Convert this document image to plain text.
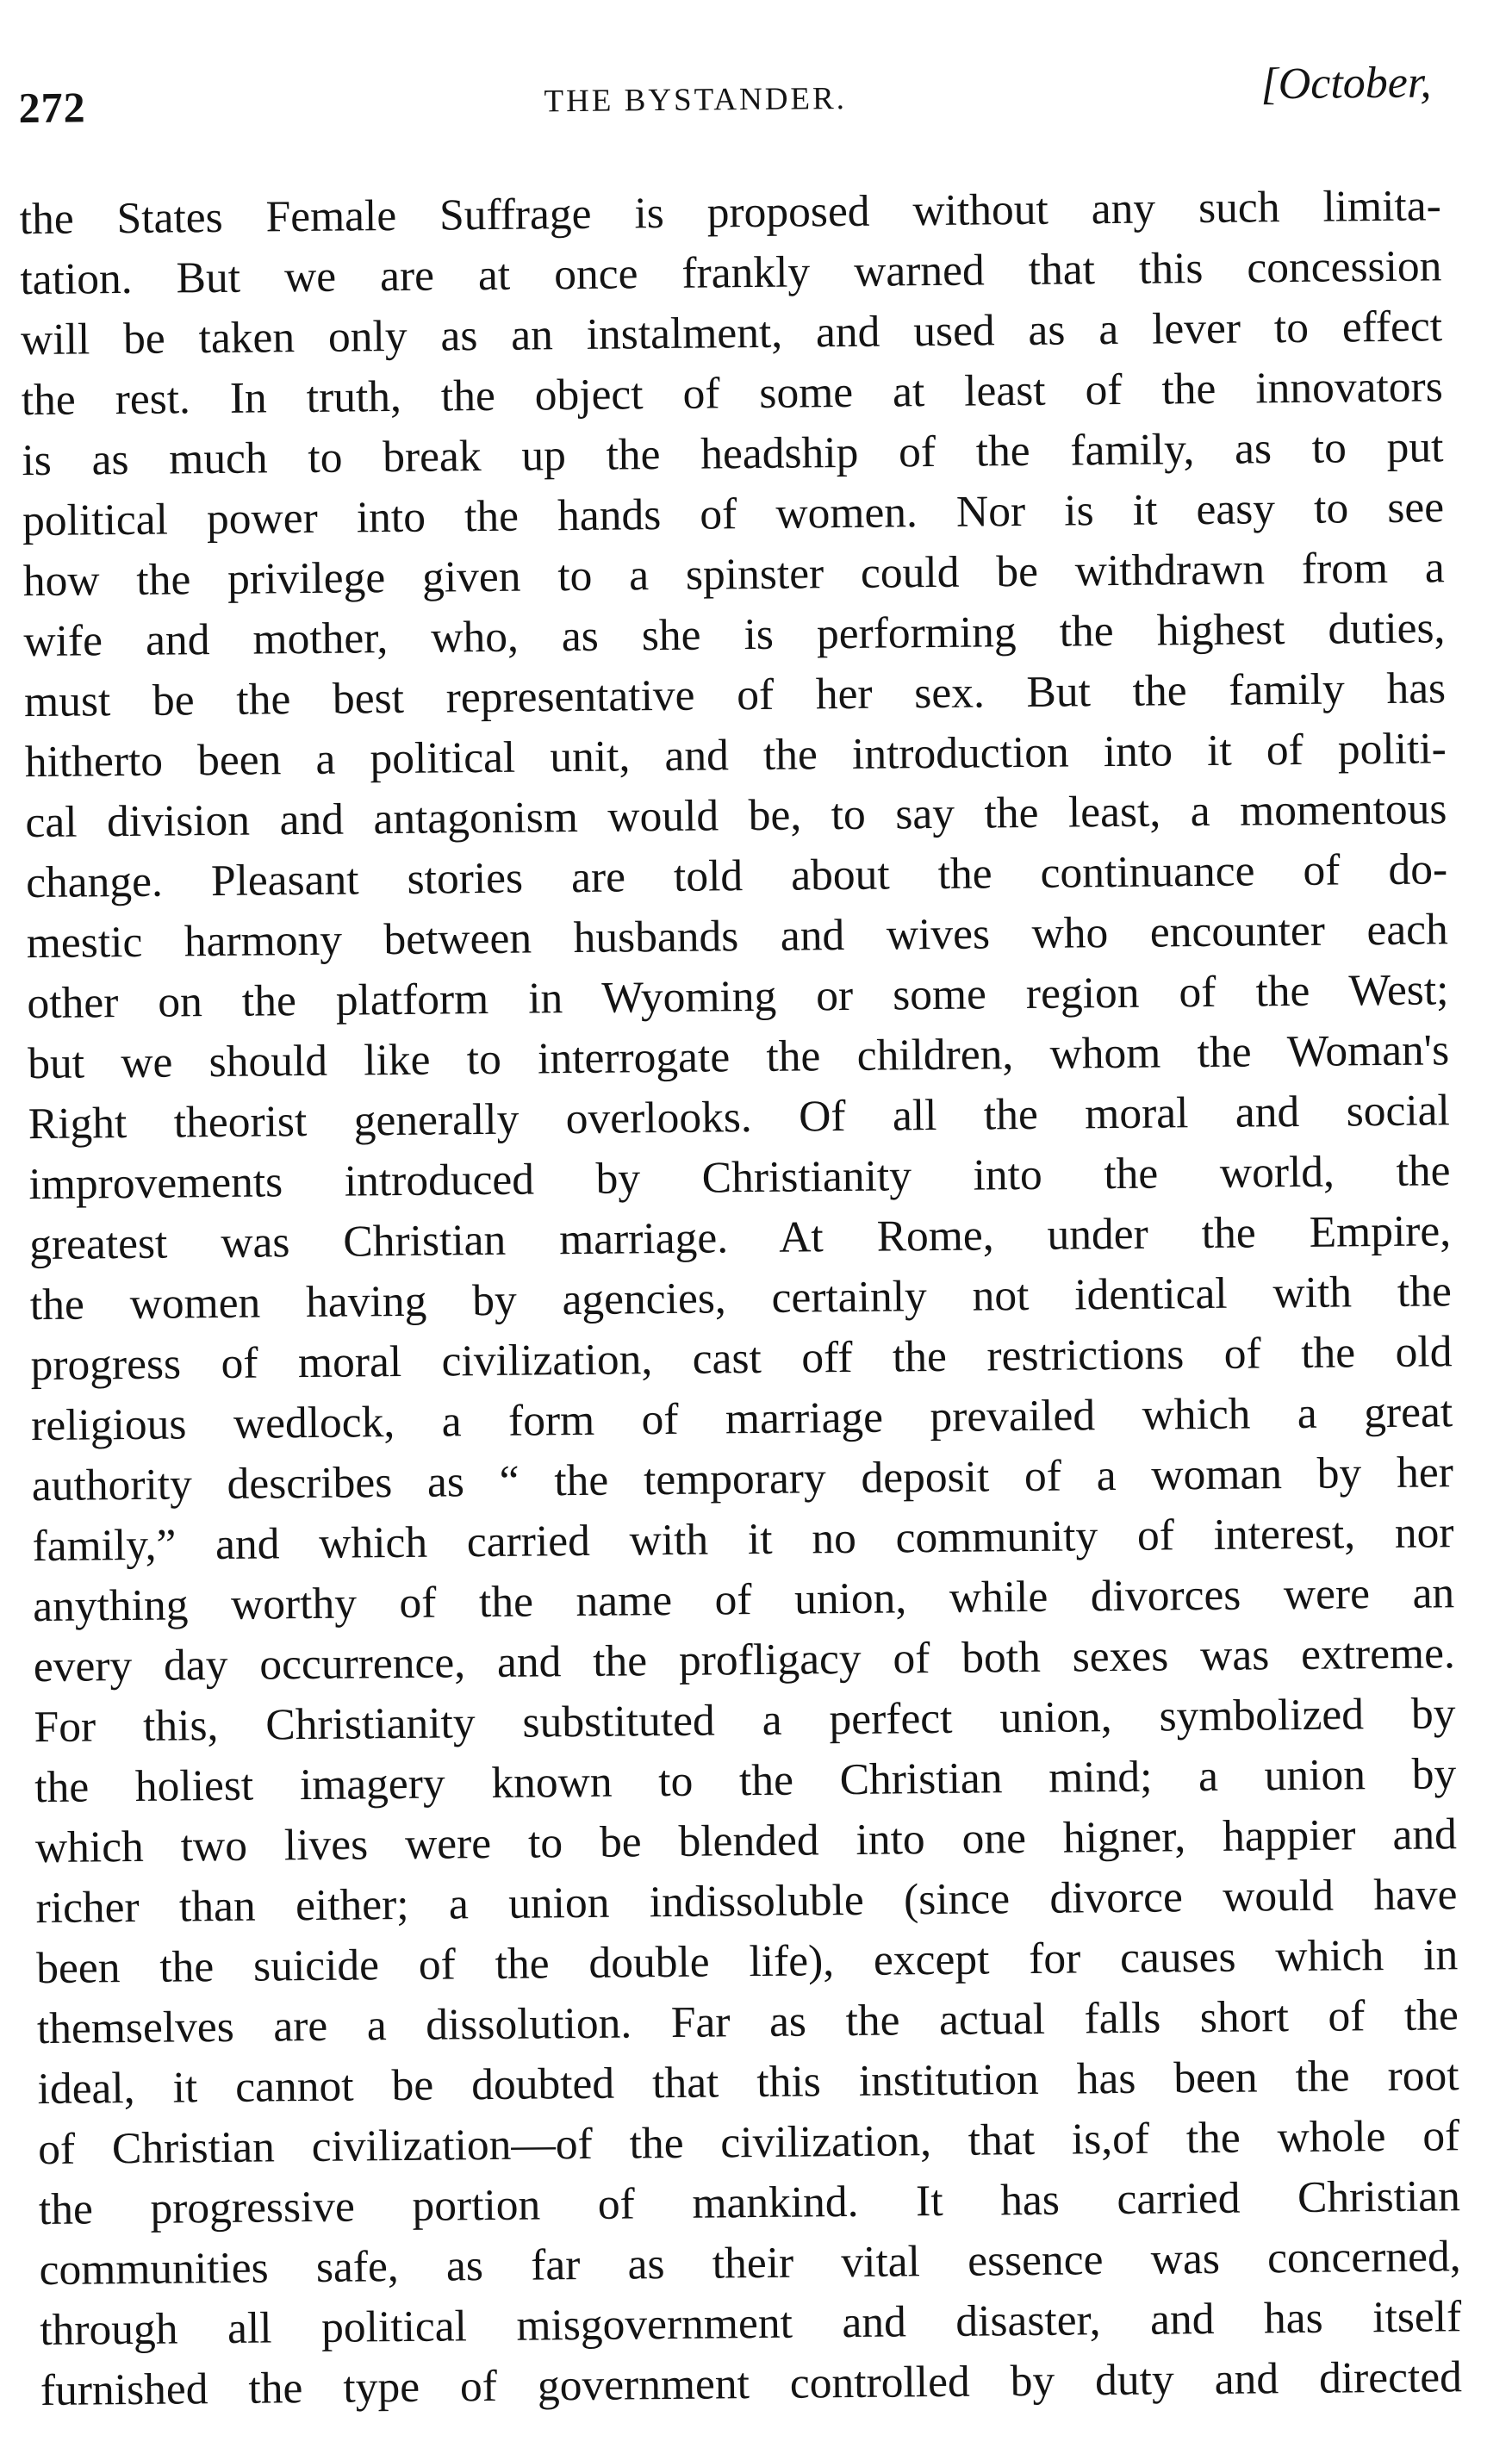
272	THE BYSTANDER.	[October,
the States Female Suffrage is proposed without any such limita-
tation. But we are at once frankly warned that this concession
will be taken only as an instalment, and used as a lever to effect
the rest. In truth, the object of some at least of the innovators
is as much to break up the headship of the family, as to put
political power into the hands of women. Nor is it easy to see
how the privilege given to a spinster could be withdrawn from a
wife and mother, who, as she is performing the highest duties,
must be the best representative of her sex. But the family has
hitherto been a political unit, and the introduction into it of politi-
cal division and antagonism would be, to say the least, a momentous
change. Pleasant stories are told about the continuance of do-
mestic harmony between husbands and wives who encounter each
other on the platform in Wyoming or some region of the West;
but we should like to interrogate the children, whom the Woman's
Right theorist generally overlooks. Of all the moral and social
improvements introduced by Christianity into the world, the
greatest was Christian marriage. At Rome, under the Empire,
the women having by agencies, certainly not identical with the
progress of moral civilization, cast off the restrictions of the old
religious wedlock, a form of marriage prevailed which a great
authority describes as “ the temporary deposit of a woman by her
family,” and which carried with it no community of interest, nor
anything worthy of the name of union, while divorces were an
every day occurrence, and the profligacy of both sexes was extreme.
For this, Christianity substituted a perfect union, symbolized by
the holiest imagery known to the Christian mind; a union by
which two lives were to be blended into one higner, happier and
richer than either; a union indissoluble (since divorce would have
been the suicide of the double life), except for causes which in
themselves are a dissolution. Far as the actual falls short of the
ideal, it cannot be doubted that this institution has been the root
of Christian civilization—of the civilization, that is,of the whole of
the progressive portion of mankind. It has carried Christian
communities safe, as far as their vital essence was concerned,
through all political misgovernment and disaster, and has itself
furnished the type of government controlled by duty and directed
